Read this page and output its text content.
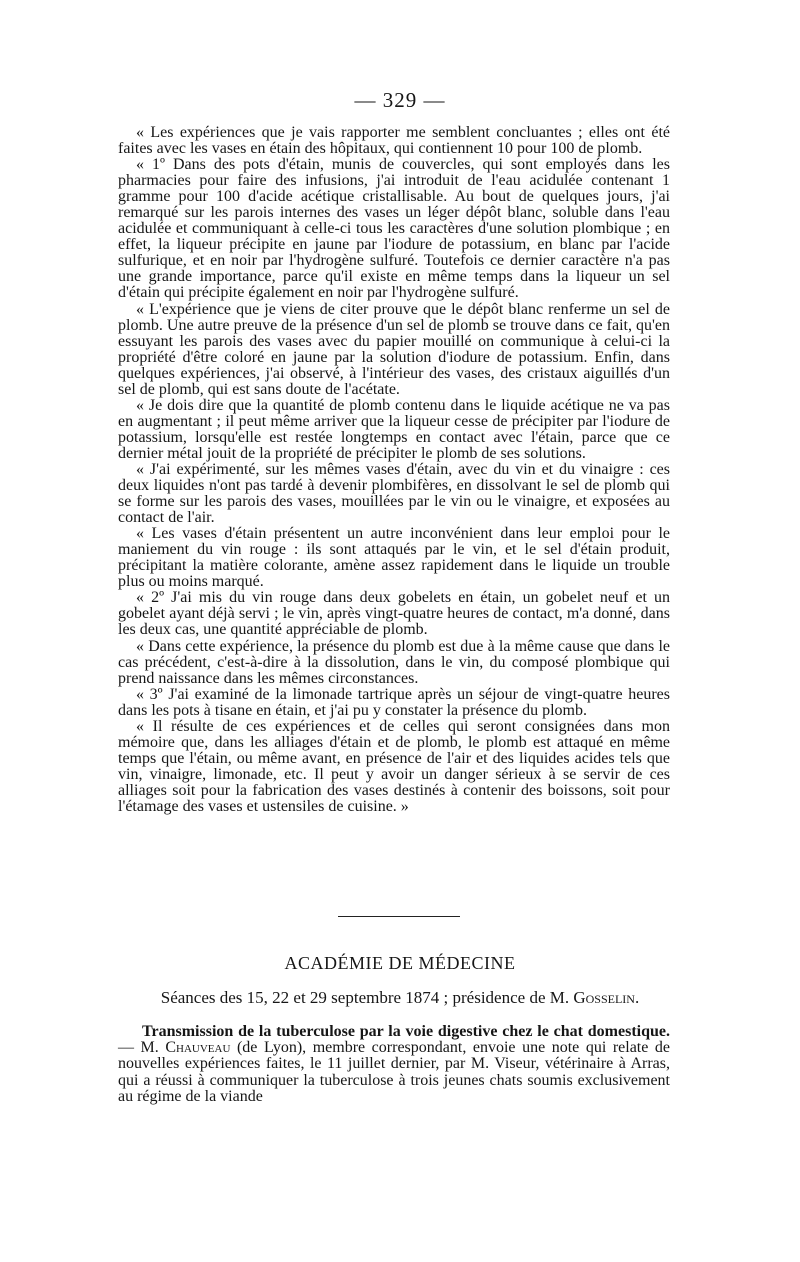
— 329 —

« Les expériences que je vais rapporter me semblent concluantes ; elles ont été faites avec les vases en étain des hôpitaux, qui contiennent 10 pour 100 de plomb.

« 1º Dans des pots d'étain, munis de couvercles, qui sont employés dans les pharmacies pour faire des infusions, j'ai introduit de l'eau acidulée contenant 1 gramme pour 100 d'acide acétique cristallisable. Au bout de quelques jours, j'ai remarqué sur les parois internes des vases un léger dépôt blanc, soluble dans l'eau acidulée et communiquant à celle-ci tous les caractères d'une solution plombique ; en effet, la liqueur précipite en jaune par l'iodure de potassium, en blanc par l'acide sulfurique, et en noir par l'hydrogène sulfuré. Toutefois ce dernier caractère n'a pas une grande importance, parce qu'il existe en même temps dans la liqueur un sel d'étain qui précipite également en noir par l'hydrogène sulfuré.

« L'expérience que je viens de citer prouve que le dépôt blanc renferme un sel de plomb. Une autre preuve de la présence d'un sel de plomb se trouve dans ce fait, qu'en essuyant les parois des vases avec du papier mouillé on communique à celui-ci la propriété d'être coloré en jaune par la solution d'iodure de potassium. Enfin, dans quelques expériences, j'ai observé, à l'intérieur des vases, des cristaux aiguillés d'un sel de plomb, qui est sans doute de l'acétate.

« Je dois dire que la quantité de plomb contenu dans le liquide acétique ne va pas en augmentant ; il peut même arriver que la liqueur cesse de précipiter par l'iodure de potassium, lorsqu'elle est restée longtemps en contact avec l'étain, parce que ce dernier métal jouit de la propriété de précipiter le plomb de ses solutions.

« J'ai expérimenté, sur les mêmes vases d'étain, avec du vin et du vinaigre : ces deux liquides n'ont pas tardé à devenir plombifères, en dissolvant le sel de plomb qui se forme sur les parois des vases, mouillées par le vin ou le vinaigre, et exposées au contact de l'air.

« Les vases d'étain présentent un autre inconvénient dans leur emploi pour le maniement du vin rouge : ils sont attaqués par le vin, et le sel d'étain produit, précipitant la matière colorante, amène assez rapidement dans le liquide un trouble plus ou moins marqué.

« 2º J'ai mis du vin rouge dans deux gobelets en étain, un gobelet neuf et un gobelet ayant déjà servi ; le vin, après vingt-quatre heures de contact, m'a donné, dans les deux cas, une quantité appréciable de plomb.

« Dans cette expérience, la présence du plomb est due à la même cause que dans le cas précédent, c'est-à-dire à la dissolution, dans le vin, du composé plombique qui prend naissance dans les mêmes circonstances.

« 3º J'ai examiné de la limonade tartrique après un séjour de vingt-quatre heures dans les pots à tisane en étain, et j'ai pu y constater la présence du plomb.

« Il résulte de ces expériences et de celles qui seront consignées dans mon mémoire que, dans les alliages d'étain et de plomb, le plomb est attaqué en même temps que l'étain, ou même avant, en présence de l'air et des liquides acides tels que vin, vinaigre, limonade, etc. Il peut y avoir un danger sérieux à se servir de ces alliages soit pour la fabrication des vases destinés à contenir des boissons, soit pour l'étamage des vases et ustensiles de cuisine. »

ACADÉMIE DE MÉDECINE
Séances des 15, 22 et 29 septembre 1874 ; présidence de M. Gosselin.

Transmission de la tuberculose par la voie digestive chez le chat domestique.— M. Chauveau (de Lyon), membre correspondant, envoie une note qui relate de nouvelles expériences faites, le 11 juillet dernier, par M. Viseur, vétérinaire à Arras, qui a réussi à communiquer la tuberculose à trois jeunes chats soumis exclusivement au régime de la viande
